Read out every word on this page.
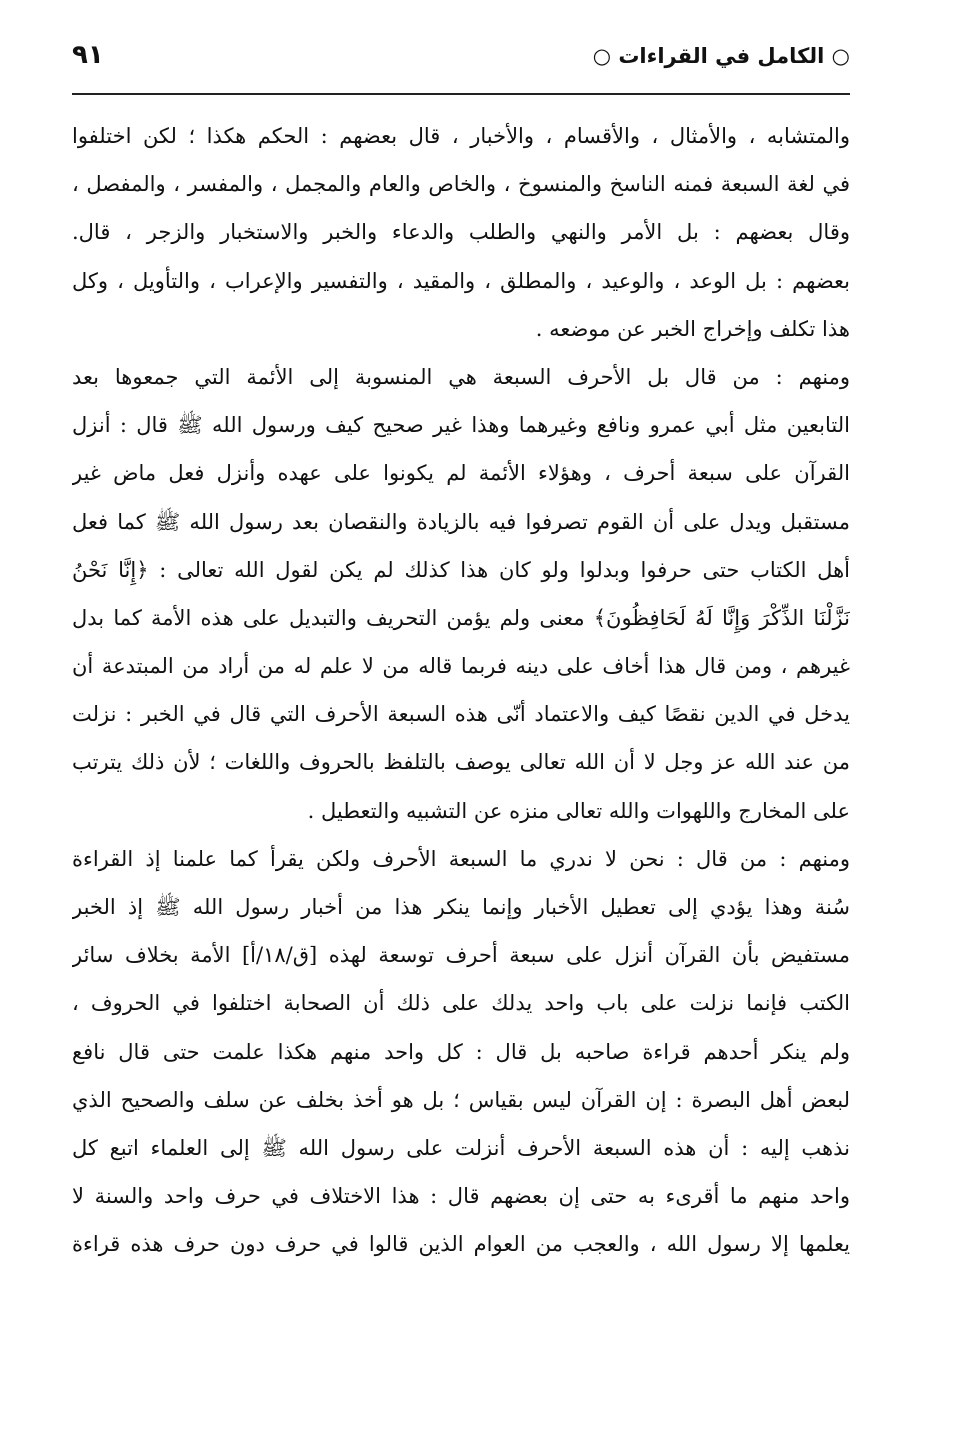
○ الكامل في القراءات ○
٩١
والمتشابه ، والأمثال ، والأقسام ، والأخبار ، قال بعضهم : الحكم هكذا ؛ لكن اختلفوا
في لغة السبعة فمنه الناسخ والمنسوخ ، والخاص والعام والمجمل ، والمفسر ، والمفصل ،
وقال بعضهم : بل الأمر والنهي والطلب والدعاء والخبر والاستخبار والزجر ، قال.
بعضهم : بل الوعد ، والوعيد ، والمطلق ، والمقيد ، والتفسير والإعراب ، والتأويل ، وكل
هذا تكلف وإخراج الخبر عن موضعه .
ومنهم : من قال بل الأحرف السبعة هي المنسوبة إلى الأئمة التي جمعوها بعد
التابعين مثل أبي عمرو ونافع وغيرهما وهذا غير صحيح كيف ورسول الله ﷺ قال : أنزل
القرآن على سبعة أحرف ، وهؤلاء الأئمة لم يكونوا على عهده وأنزل فعل ماض غير
مستقبل ويدل على أن القوم تصرفوا فيه بالزيادة والنقصان بعد رسول الله ﷺ كما فعل
أهل الكتاب حتى حرفوا وبدلوا ولو كان هذا كذلك لم يكن لقول الله تعالى : ﴿إِنَّا نَحْنُ
نَزَّلْنَا الذِّكْرَ وَإِنَّا لَهُ لَحَافِظُونَ﴾ معنى ولم يؤمن التحريف والتبديل على هذه الأمة كما بدل
غيرهم ، ومن قال هذا أخاف على دينه فربما قاله من لا علم له من أراد من المبتدعة أن
يدخل في الدين نقصًا كيف والاعتماد أنّى هذه السبعة الأحرف التي قال في الخبر : نزلت
من عند الله عز وجل لا أن الله تعالى يوصف بالتلفظ بالحروف واللغات ؛ لأن ذلك يترتب
على المخارج واللهوات والله تعالى منزه عن التشبيه والتعطيل .
ومنهم : من قال : نحن لا ندري ما السبعة الأحرف ولكن يقرأ كما علمنا إذ القراءة
سُنة وهذا يؤدي إلى تعطيل الأخبار وإنما ينكر هذا من أخبار رسول الله ﷺ إذ الخبر
مستفيض بأن القرآن أنزل على سبعة أحرف توسعة لهذه [ق/١٨/أ] الأمة بخلاف سائر
الكتب فإنما نزلت على باب واحد يدلك على ذلك أن الصحابة اختلفوا في الحروف ،
ولم ينكر أحدهم قراءة صاحبه بل قال : كل واحد منهم هكذا علمت حتى قال نافع
لبعض أهل البصرة : إن القرآن ليس بقياس ؛ بل هو أخذ بخلف عن سلف والصحيح الذي
نذهب إليه : أن هذه السبعة الأحرف أنزلت على رسول الله ﷺ إلى العلماء اتبع كل
واحد منهم ما أقرىء به حتى إن بعضهم قال : هذا الاختلاف في حرف واحد والسنة لا
يعلمها إلا رسول الله ، والعجب من العوام الذين قالوا في حرف دون حرف هذه قراءة
